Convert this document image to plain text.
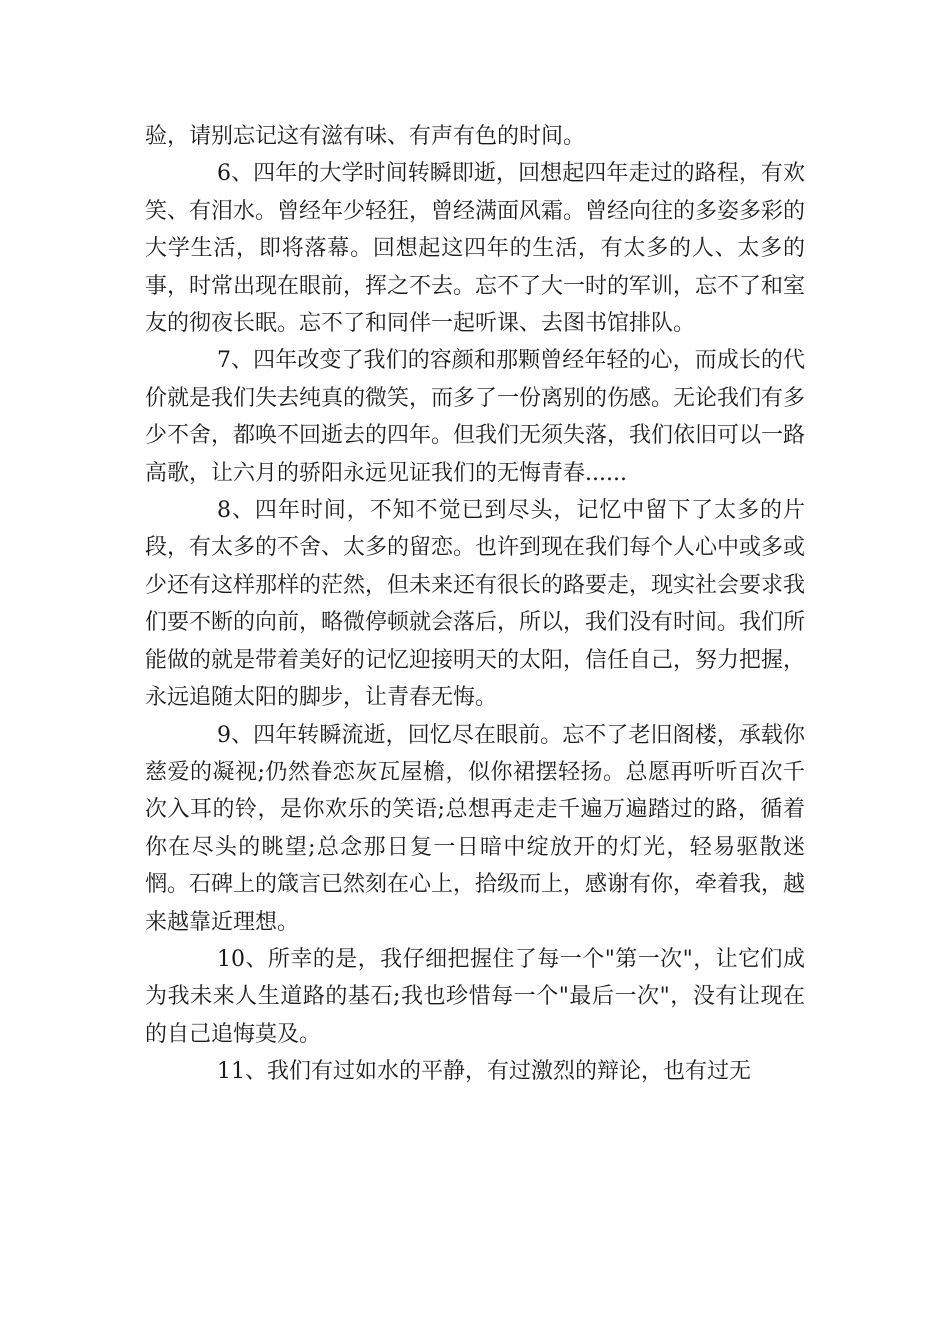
验，请别忘记这有滋有味、有声有色的时间。

6、四年的大学时间转瞬即逝，回想起四年走过的路程，有欢笑、有泪水。曾经年少轻狂，曾经满面风霜。曾经向往的多姿多彩的大学生活，即将落幕。回想起这四年的生活，有太多的人、太多的事，时常出现在眼前，挥之不去。忘不了大一时的军训，忘不了和室友的彻夜长眠。忘不了和同伴一起听课、去图书馆排队。

7、四年改变了我们的容颜和那颗曾经年轻的心，而成长的代价就是我们失去纯真的微笑，而多了一份离别的伤感。无论我们有多少不舍，都唤不回逝去的四年。但我们无须失落，我们依旧可以一路高歌，让六月的骄阳永远见证我们的无悔青春......

8、四年时间，不知不觉已到尽头，记忆中留下了太多的片段，有太多的不舍、太多的留恋。也许到现在我们每个人心中或多或少还有这样那样的茫然，但未来还有很长的路要走，现实社会要求我们要不断的向前，略微停顿就会落后，所以，我们没有时间。我们所能做的就是带着美好的记忆迎接明天的太阳，信任自己，努力把握，永远追随太阳的脚步，让青春无悔。

9、四年转瞬流逝，回忆尽在眼前。忘不了老旧阁楼，承载你慈爱的凝视;仍然眷恋灰瓦屋檐，似你裙摆轻扬。总愿再听听百次千次入耳的铃，是你欢乐的笑语;总想再走走千遍万遍踏过的路，循着你在尽头的眺望;总念那日复一日暗中绽放开的灯光，轻易驱散迷惘。石碑上的箴言已然刻在心上，拾级而上，感谢有你，牵着我，越来越靠近理想。

10、所幸的是，我仔细把握住了每一个"第一次"，让它们成为我未来人生道路的基石;我也珍惜每一个"最后一次"，没有让现在的自己追悔莫及。

11、我们有过如水的平静，有过激烈的辩论，也有过无
